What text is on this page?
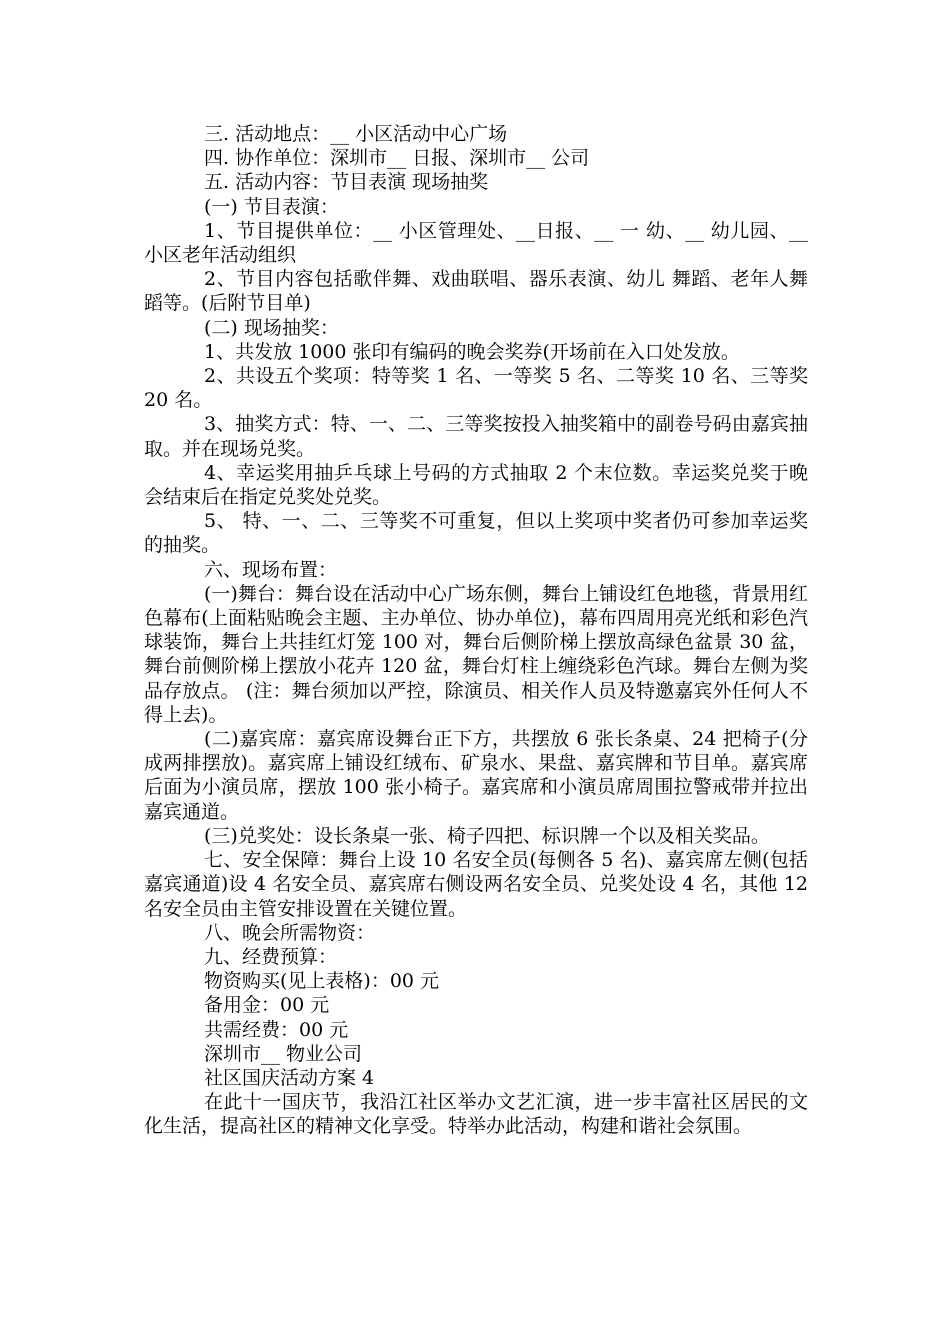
三. 活动地点：__ 小区活动中心广场

四. 协作单位：深圳市__ 日报、深圳市__ 公司

五. 活动内容：节目表演 现场抽奖

(一) 节目表演：

1、节目提供单位：__ 小区管理处、__日报、__ 一 幼、__ 幼儿园、__ 小区老年活动组织

2、节目内容包括歌伴舞、戏曲联唱、器乐表演、幼儿 舞蹈、老年人舞蹈等。(后附节目单)

(二) 现场抽奖：

1、共发放 1000 张印有编码的晚会奖券(开场前在入口处发放。

2、共设五个奖项：特等奖 1 名、一等奖 5 名、二等奖 10 名、三等奖 20 名。

3、抽奖方式：特、一、二、三等奖按投入抽奖箱中的副卷号码由嘉宾抽取。并在现场兑奖。

4、幸运奖用抽乒乓球上号码的方式抽取 2 个末位数。幸运奖兑奖于晚会结束后在指定兑奖处兑奖。

5、 特、一、二、三等奖不可重复，但以上奖项中奖者仍可参加幸运奖的抽奖。

六、现场布置：

(一)舞台：舞台设在活动中心广场东侧，舞台上铺设红色地毯，背景用红色幕布(上面粘贴晚会主题、主办单位、协办单位)，幕布四周用亮光纸和彩色汽球装饰，舞台上共挂红灯笼 100 对，舞台后侧阶梯上摆放高绿色盆景 30 盆，舞台前侧阶梯上摆放小花卉 120 盆，舞台灯柱上缠绕彩色汽球。舞台左侧为奖品存放点。 (注：舞台须加以严控，除演员、相关作人员及特邀嘉宾外任何人不得上去)。

(二)嘉宾席：嘉宾席设舞台正下方，共摆放 6 张长条桌、24 把椅子(分成两排摆放)。嘉宾席上铺设红绒布、矿泉水、果盘、嘉宾牌和节目单。嘉宾席后面为小演员席，摆放 100 张小椅子。嘉宾席和小演员席周围拉警戒带并拉出嘉宾通道。

(三)兑奖处：设长条桌一张、椅子四把、标识牌一个以及相关奖品。

七、安全保障：舞台上设 10 名安全员(每侧各 5 名)、嘉宾席左侧(包括嘉宾通道)设 4 名安全员、嘉宾席右侧设两名安全员、兑奖处设 4 名，其他 12 名安全员由主管安排设置在关键位置。

八、晚会所需物资：

九、经费预算：

物资购买(见上表格)：00 元

备用金：00 元

共需经费：00 元

深圳市__ 物业公司

社区国庆活动方案 4

在此十一国庆节，我沿江社区举办文艺汇演，进一步丰富社区居民的文化生活，提高社区的精神文化享受。特举办此活动，构建和谐社会氛围。
